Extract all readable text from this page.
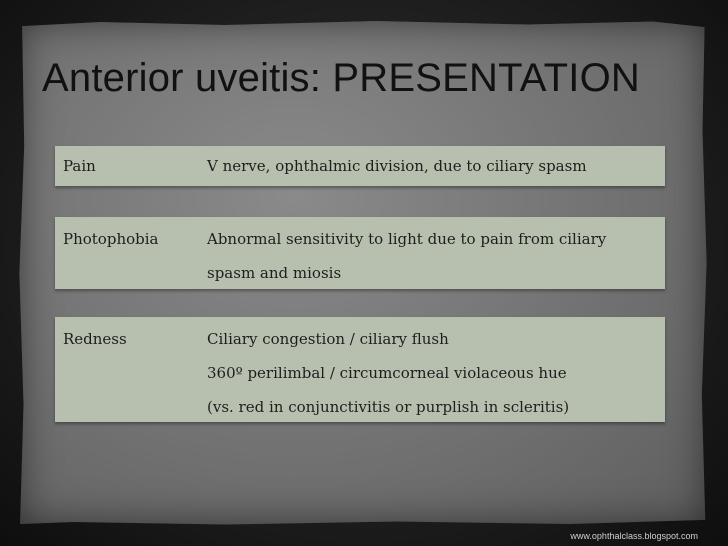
Anterior uveitis: PRESENTATION
Pain	V nerve, ophthalmic division, due to ciliary spasm
Photophobia	Abnormal sensitivity to light due to pain from ciliary
spasm and miosis
Redness	Ciliary congestion / ciliary flush
360º perilimbal / circumcorneal violaceous hue
(vs. red in conjunctivitis or purplish in scleritis)
www.ophthalclass.blogspot.com
